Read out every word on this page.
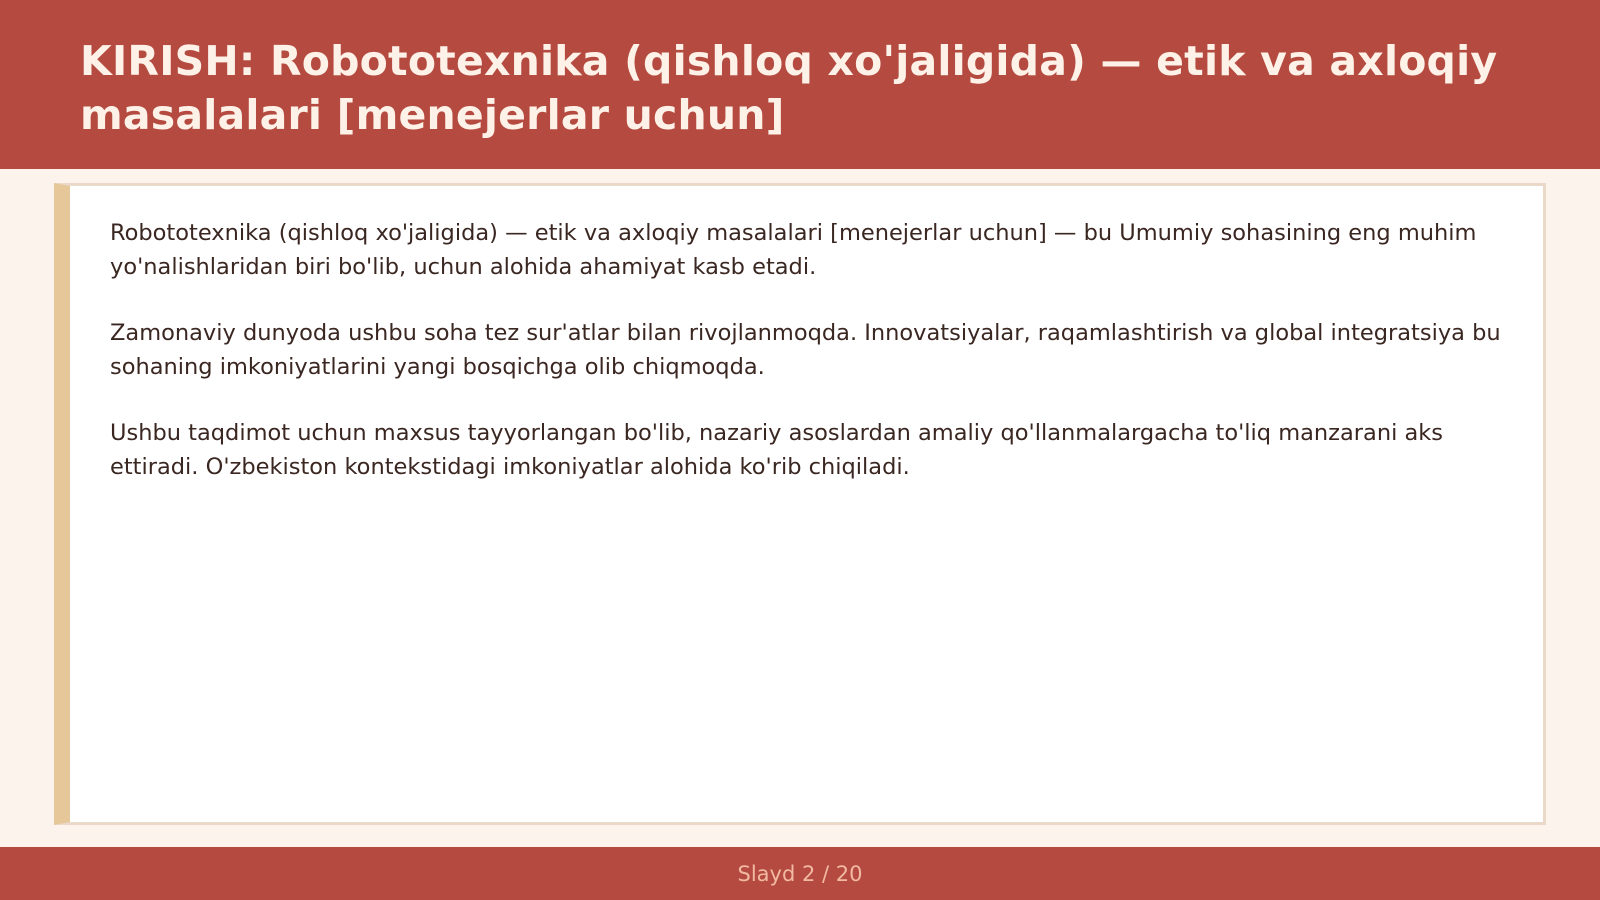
KIRISH: Robototexnika (qishloq xo'jaligida) — etik va axloqiy masalalari [menejerlar uchun]

Robototexnika (qishloq xo'jaligida) — etik va axloqiy masalalari [menejerlar uchun] — bu Umumiy sohasining eng muhim yo'nalishlaridan biri bo'lib, uchun alohida ahamiyat kasb etadi.

Zamonaviy dunyoda ushbu soha tez sur'atlar bilan rivojlanmoqda. Innovatsiyalar, raqamlashtirish va global integratsiya bu sohaning imkoniyatlarini yangi bosqichga olib chiqmoqda.

Ushbu taqdimot uchun maxsus tayyorlangan bo'lib, nazariy asoslardan amaliy qo'llanmalargacha to'liq manzarani aks ettiradi. O'zbekiston kontekstidagi imkoniyatlar alohida ko'rib chiqiladi.

Slayd 2 / 20
